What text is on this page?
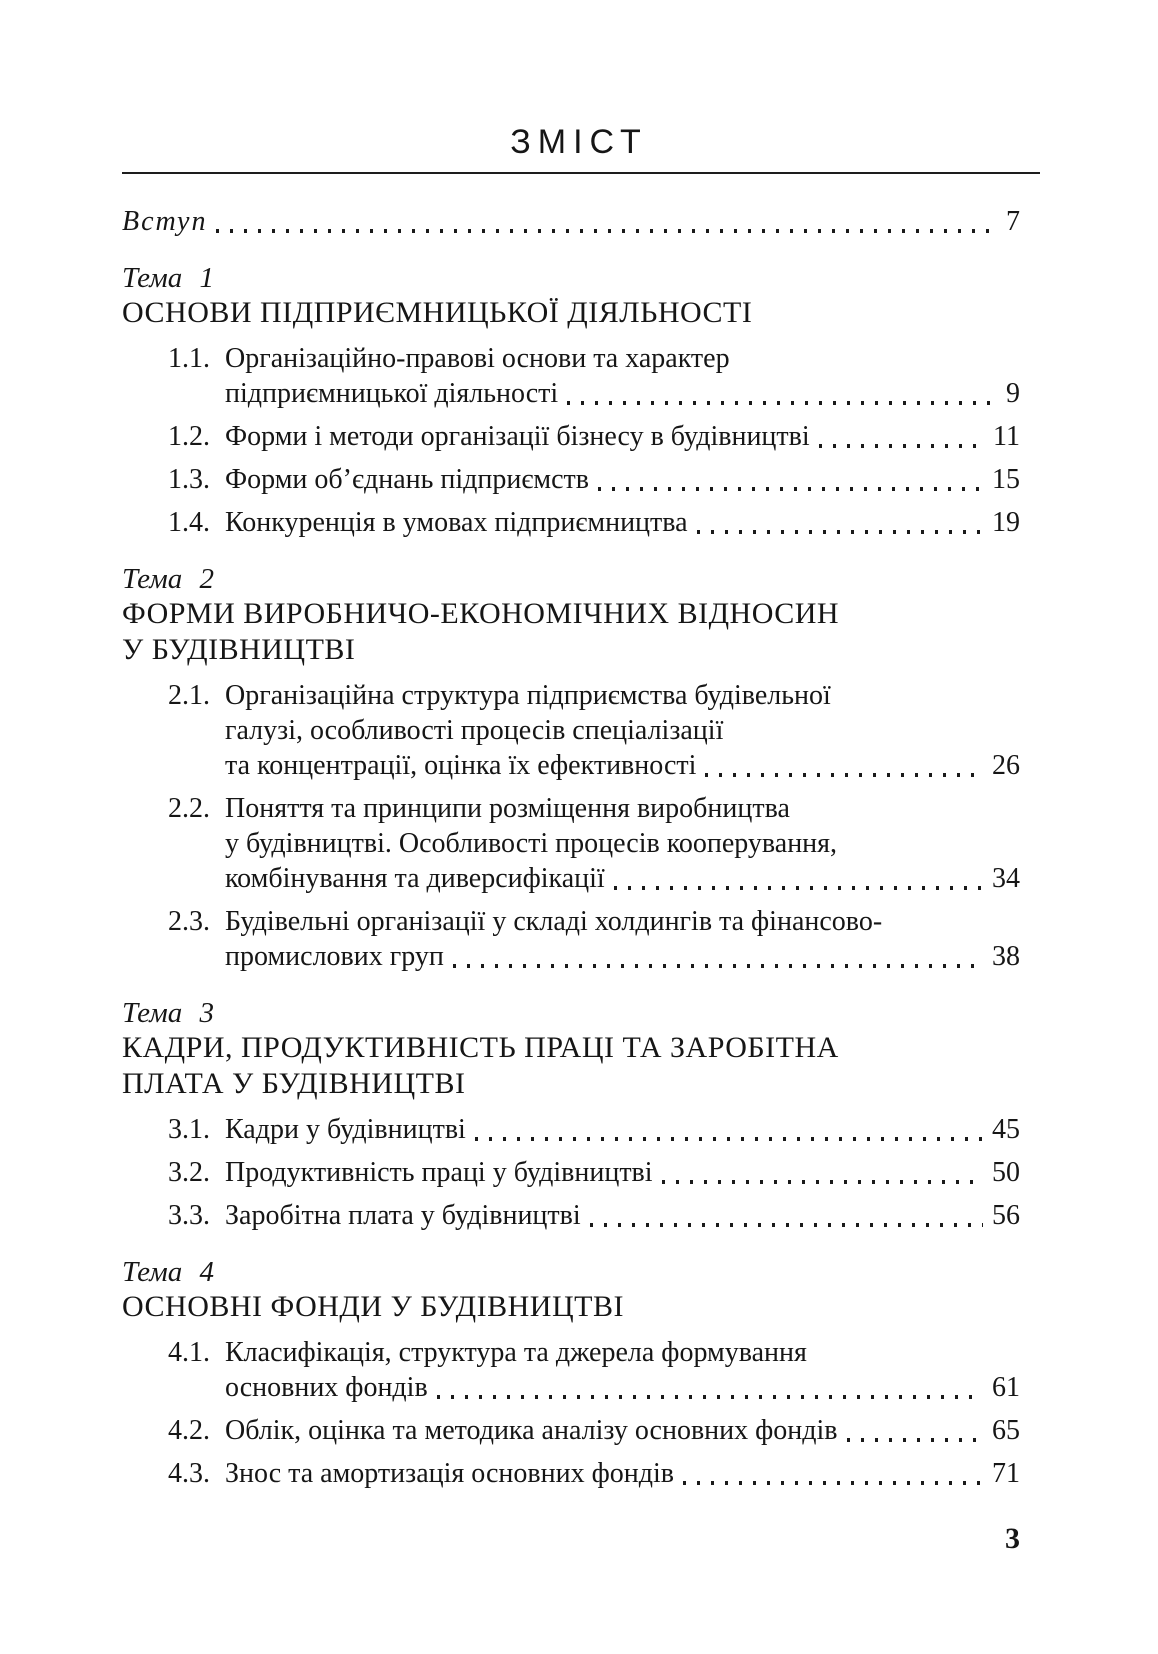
ЗМІСТ
Вступ	7
Тема 1
ОСНОВИ ПІДПРИЄМНИЦЬКОЇ ДІЯЛЬНОСТІ
1.1. Організаційно-правові основи та характер
підприємницької діяльності	9
1.2. Форми і методи організації бізнесу в будівництві	11
1.3. Форми об’єднань підприємств	15
1.4. Конкуренція в умовах підприємництва	19
Тема 2
ФОРМИ ВИРОБНИЧО-ЕКОНОМІЧНИХ ВІДНОСИН
У БУДІВНИЦТВІ
2.1. Організаційна структура підприємства будівельної
галузі, особливості процесів спеціалізації
та концентрації, оцінка їх ефективності	26
2.2. Поняття та принципи розміщення виробництва
у будівництві. Особливості процесів кооперування,
комбінування та диверсифікації	34
2.3. Будівельні організації у складі холдингів та фінансово-
промислових груп	38
Тема 3
КАДРИ, ПРОДУКТИВНІСТЬ ПРАЦІ ТА ЗАРОБІТНА
ПЛАТА У БУДІВНИЦТВІ
3.1. Кадри у будівництві	45
3.2. Продуктивність праці у будівництві	50
3.3. Заробітна плата у будівництві	56
Тема 4
ОСНОВНІ ФОНДИ У БУДІВНИЦТВІ
4.1. Класифікація, структура та джерела формування
основних фондів	61
4.2. Облік, оцінка та методика аналізу основних фондів	65
4.3. Знос та амортизація основних фондів	71
3
